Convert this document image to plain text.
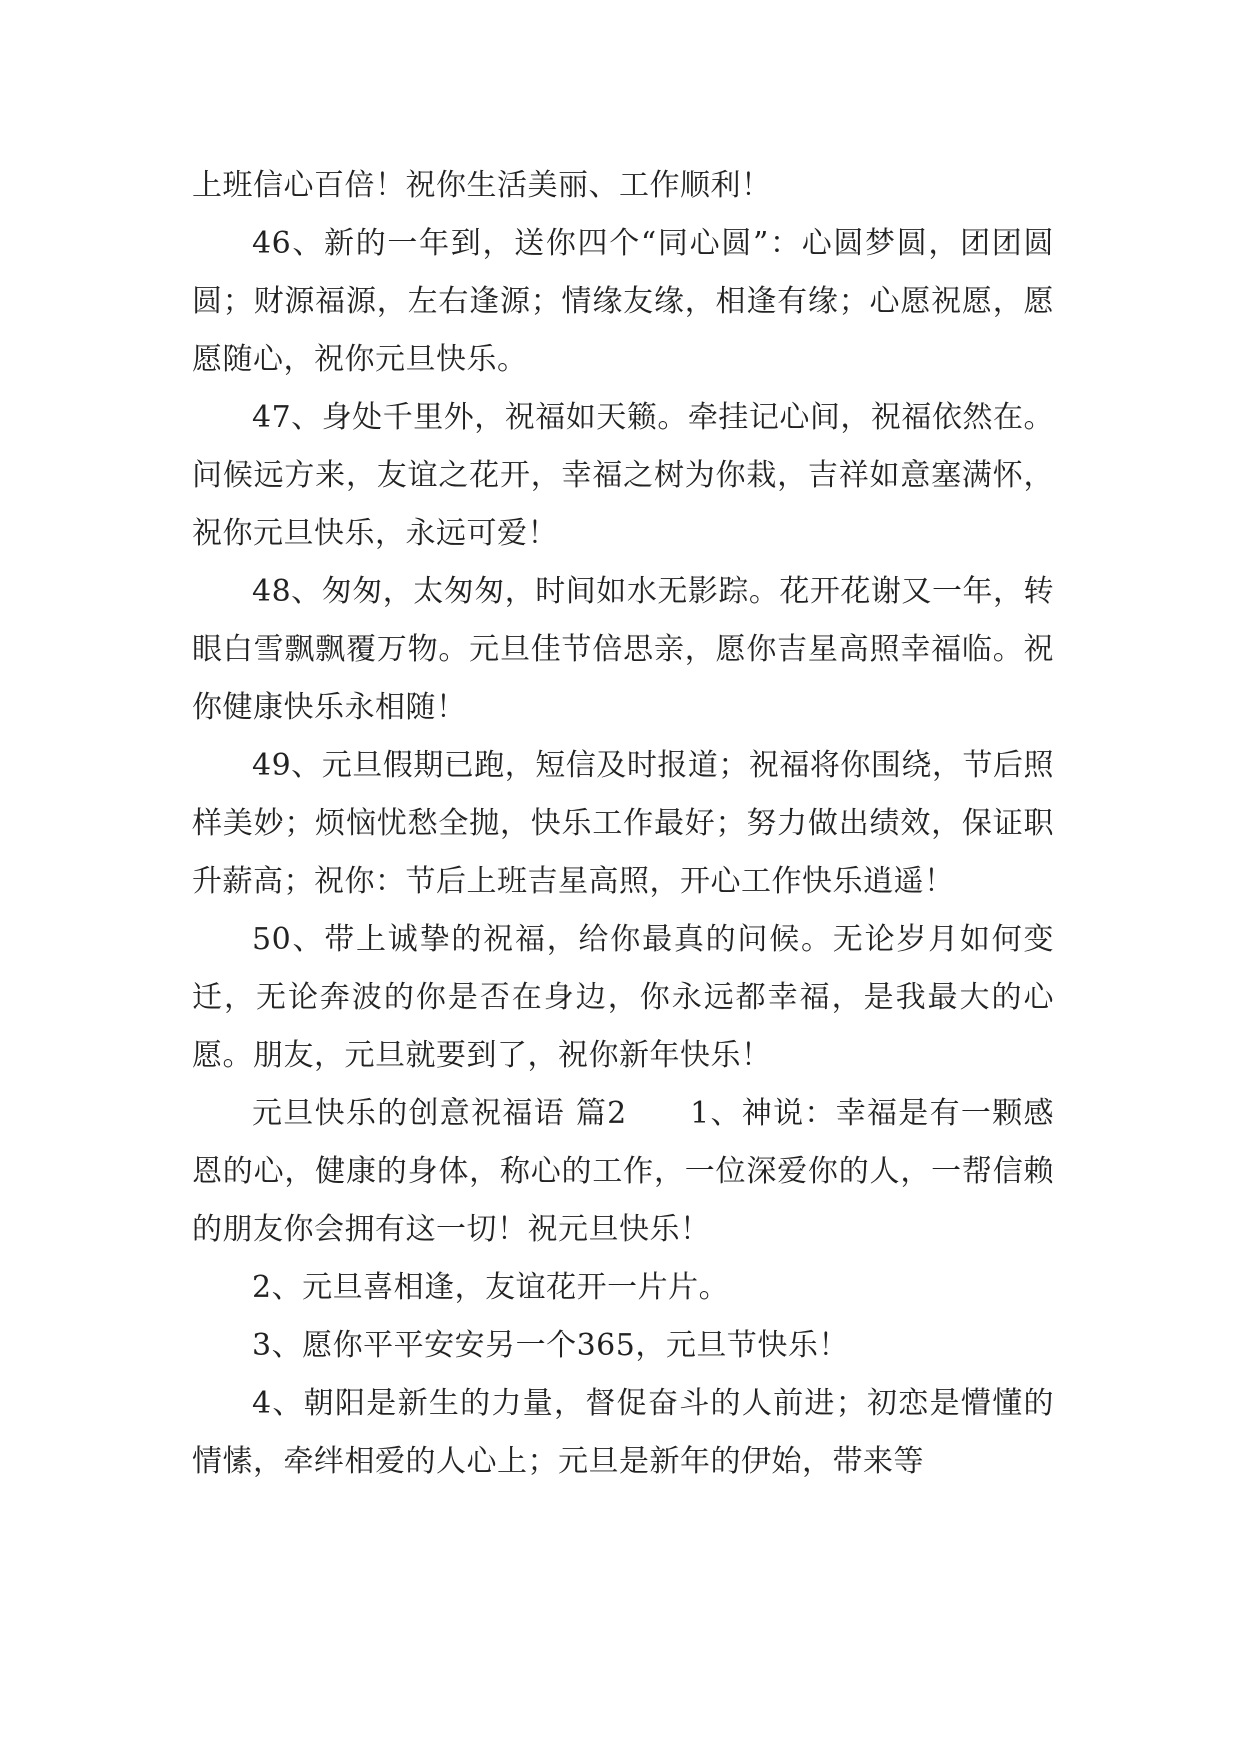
上班信心百倍！祝你生活美丽、工作顺利！

46、新的一年到，送你四个“同心圆”：心圆梦圆，团团圆圆；财源福源，左右逢源；情缘友缘，相逢有缘；心愿祝愿，愿愿随心，祝你元旦快乐。

47、身处千里外，祝福如天籁。牵挂记心间，祝福依然在。问候远方来，友谊之花开，幸福之树为你栽，吉祥如意塞满怀，祝你元旦快乐，永远可爱！

48、匆匆，太匆匆，时间如水无影踪。花开花谢又一年，转眼白雪飘飘覆万物。元旦佳节倍思亲，愿你吉星高照幸福临。祝你健康快乐永相随！

49、元旦假期已跑，短信及时报道；祝福将你围绕，节后照样美妙；烦恼忧愁全抛，快乐工作最好；努力做出绩效，保证职升薪高；祝你：节后上班吉星高照，开心工作快乐逍遥！

50、带上诚挚的祝福，给你最真的问候。无论岁月如何变迁，无论奔波的你是否在身边，你永远都幸福，是我最大的心愿。朋友，元旦就要到了，祝你新年快乐！

元旦快乐的创意祝福语 篇2　　1、神说：幸福是有一颗感恩的心，健康的身体，称心的工作，一位深爱你的人，一帮信赖的朋友你会拥有这一切！祝元旦快乐！

2、元旦喜相逢，友谊花开一片片。

3、愿你平平安安另一个365，元旦节快乐！

4、朝阳是新生的力量，督促奋斗的人前进；初恋是懵懂的情愫，牵绊相爱的人心上；元旦是新年的伊始，带来等
